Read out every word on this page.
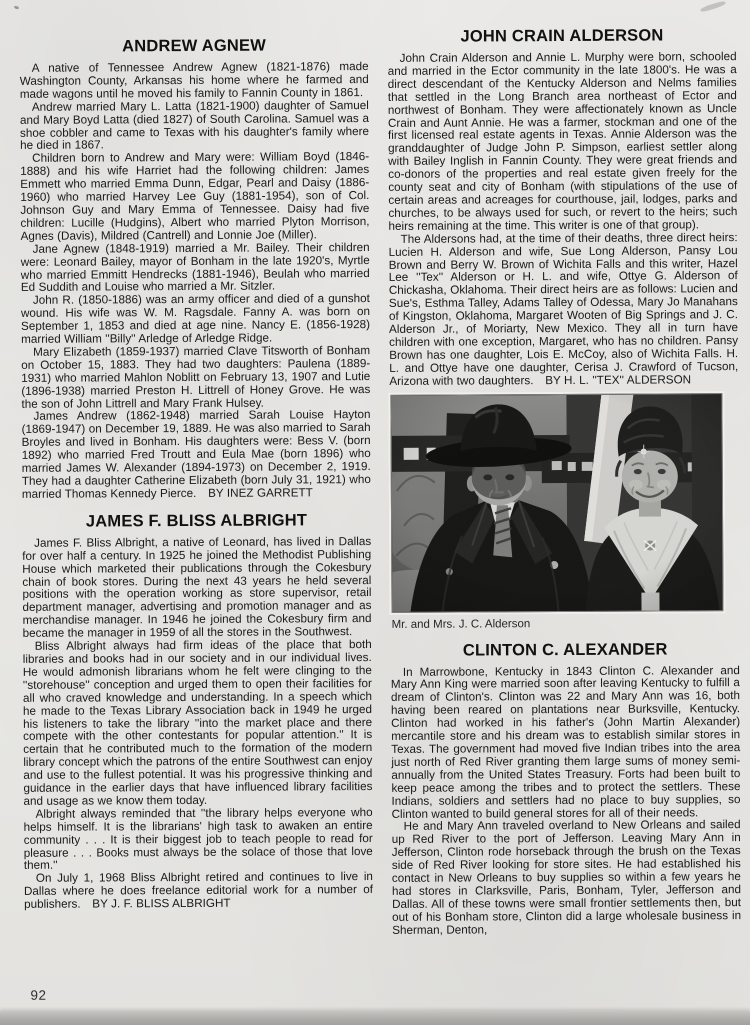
ANDREW AGNEW

A native of Tennessee Andrew Agnew (1821-1876) made Washington County, Arkansas his home where he farmed and made wagons until he moved his family to Fannin County in 1861.

Andrew married Mary L. Latta (1821-1900) daughter of Samuel and Mary Boyd Latta (died 1827) of South Carolina. Samuel was a shoe cobbler and came to Texas with his daughter's family where he died in 1867.

Children born to Andrew and Mary were: William Boyd (1846-1888) and his wife Harriet had the following children: James Emmett who married Emma Dunn, Edgar, Pearl and Daisy (1886-1960) who married Harvey Lee Guy (1881-1954), son of Col. Johnson Guy and Mary Emma of Tennessee. Daisy had five children: Lucille (Hudgins), Albert who married Plyton Morrison, Agnes (Davis), Mildred (Cantrell) and Lonnie Joe (Miller).

Jane Agnew (1848-1919) married a Mr. Bailey. Their children were: Leonard Bailey, mayor of Bonham in the late 1920's, Myrtle who married Emmitt Hendrecks (1881-1946), Beulah who married Ed Suddith and Louise who married a Mr. Sitzler.

John R. (1850-1886) was an army officer and died of a gunshot wound. His wife was W. M. Ragsdale. Fanny A. was born on September 1, 1853 and died at age nine. Nancy E. (1856-1928) married William ''Billy'' Arledge of Arledge Ridge.

Mary Elizabeth (1859-1937) married Clave Titsworth of Bonham on October 15, 1883. They had two daughters: Paulena (1889-1931) who married Mahlon Noblitt on February 13, 1907 and Lutie (1896-1938) married Preston H. Littrell of Honey Grove. He was the son of John Littrell and Mary Frank Hulsey.

James Andrew (1862-1948) married Sarah Louise Hayton (1869-1947) on December 19, 1889. He was also married to Sarah Broyles and lived in Bonham. His daughters were: Bess V. (born 1892) who married Fred Troutt and Eula Mae (born 1896) who married James W. Alexander (1894-1973) on December 2, 1919. They had a daughter Catherine Elizabeth (born July 31, 1921) who married Thomas Kennedy Pierce. BY INEZ GARRETT

JAMES F. BLISS ALBRIGHT

James F. Bliss Albright, a native of Leonard, has lived in Dallas for over half a century. In 1925 he joined the Methodist Publishing House which marketed their publications through the Cokesbury chain of book stores. During the next 43 years he held several positions with the operation working as store supervisor, retail department manager, advertising and promotion manager and as merchandise manager. In 1946 he joined the Cokesbury firm and became the manager in 1959 of all the stores in the Southwest.

Bliss Albright always had firm ideas of the place that both libraries and books had in our society and in our individual lives. He would admonish librarians whom he felt were clinging to the ''storehouse'' conception and urged them to open their facilities for all who craved knowledge and understanding. In a speech which he made to the Texas Library Association back in 1949 he urged his listeners to take the library ''into the market place and there compete with the other contestants for popular attention.'' It is certain that he contributed much to the formation of the modern library concept which the patrons of the entire Southwest can enjoy and use to the fullest potential. It was his progressive thinking and guidance in the earlier days that have influenced library facilities and usage as we know them today.

Albright always reminded that ''the library helps everyone who helps himself. It is the librarians' high task to awaken an entire community . . . It is their biggest job to teach people to read for pleasure . . . Books must always be the solace of those that love them.''

On July 1, 1968 Bliss Albright retired and continues to live in Dallas where he does freelance editorial work for a number of publishers. BY J. F. BLISS ALBRIGHT

JOHN CRAIN ALDERSON

John Crain Alderson and Annie L. Murphy were born, schooled and married in the Ector community in the late 1800's. He was a direct descendant of the Kentucky Alderson and Nelms families that settled in the Long Branch area northeast of Ector and northwest of Bonham. They were affectionately known as Uncle Crain and Aunt Annie. He was a farmer, stockman and one of the first licensed real estate agents in Texas. Annie Alderson was the granddaughter of Judge John P. Simpson, earliest settler along with Bailey Inglish in Fannin County. They were great friends and co-donors of the properties and real estate given freely for the county seat and city of Bonham (with stipulations of the use of certain areas and acreages for courthouse, jail, lodges, parks and churches, to be always used for such, or revert to the heirs; such heirs remaining at the time. This writer is one of that group).

The Aldersons had, at the time of their deaths, three direct heirs: Lucien H. Alderson and wife, Sue Long Alderson, Pansy Lou Brown and Berry W. Brown of Wichita Falls and this writer, Hazel Lee ''Tex'' Alderson or H. L. and wife, Ottye G. Alderson of Chickasha, Oklahoma. Their direct heirs are as follows: Lucien and Sue's, Esthma Talley, Adams Talley of Odessa, Mary Jo Manahans of Kingston, Oklahoma, Margaret Wooten of Big Springs and J. C. Alderson Jr., of Moriarty, New Mexico. They all in turn have children with one exception, Margaret, who has no children. Pansy Brown has one daughter, Lois E. McCoy, also of Wichita Falls. H. L. and Ottye have one daughter, Cerisa J. Crawford of Tucson, Arizona with two daughters. BY H. L. ''TEX'' ALDERSON

Mr. and Mrs. J. C. Alderson
CLINTON C. ALEXANDER

In Marrowbone, Kentucky in 1843 Clinton C. Alexander and Mary Ann King were married soon after leaving Kentucky to fulfill a dream of Clinton's. Clinton was 22 and Mary Ann was 16, both having been reared on plantations near Burksville, Kentucky. Clinton had worked in his father's (John Martin Alexander) mercantile store and his dream was to establish similar stores in Texas. The government had moved five Indian tribes into the area just north of Red River granting them large sums of money semi-annually from the United States Treasury. Forts had been built to keep peace among the tribes and to protect the settlers. These Indians, soldiers and settlers had no place to buy supplies, so Clinton wanted to build general stores for all of their needs.

He and Mary Ann traveled overland to New Orleans and sailed up Red River to the port of Jefferson. Leaving Mary Ann in Jefferson, Clinton rode horseback through the brush on the Texas side of Red River looking for store sites. He had established his contact in New Orleans to buy supplies so within a few years he had stores in Clarksville, Paris, Bonham, Tyler, Jefferson and Dallas. All of these towns were small frontier settlements then, but out of his Bonham store, Clinton did a large wholesale business in Sherman, Denton,

92
